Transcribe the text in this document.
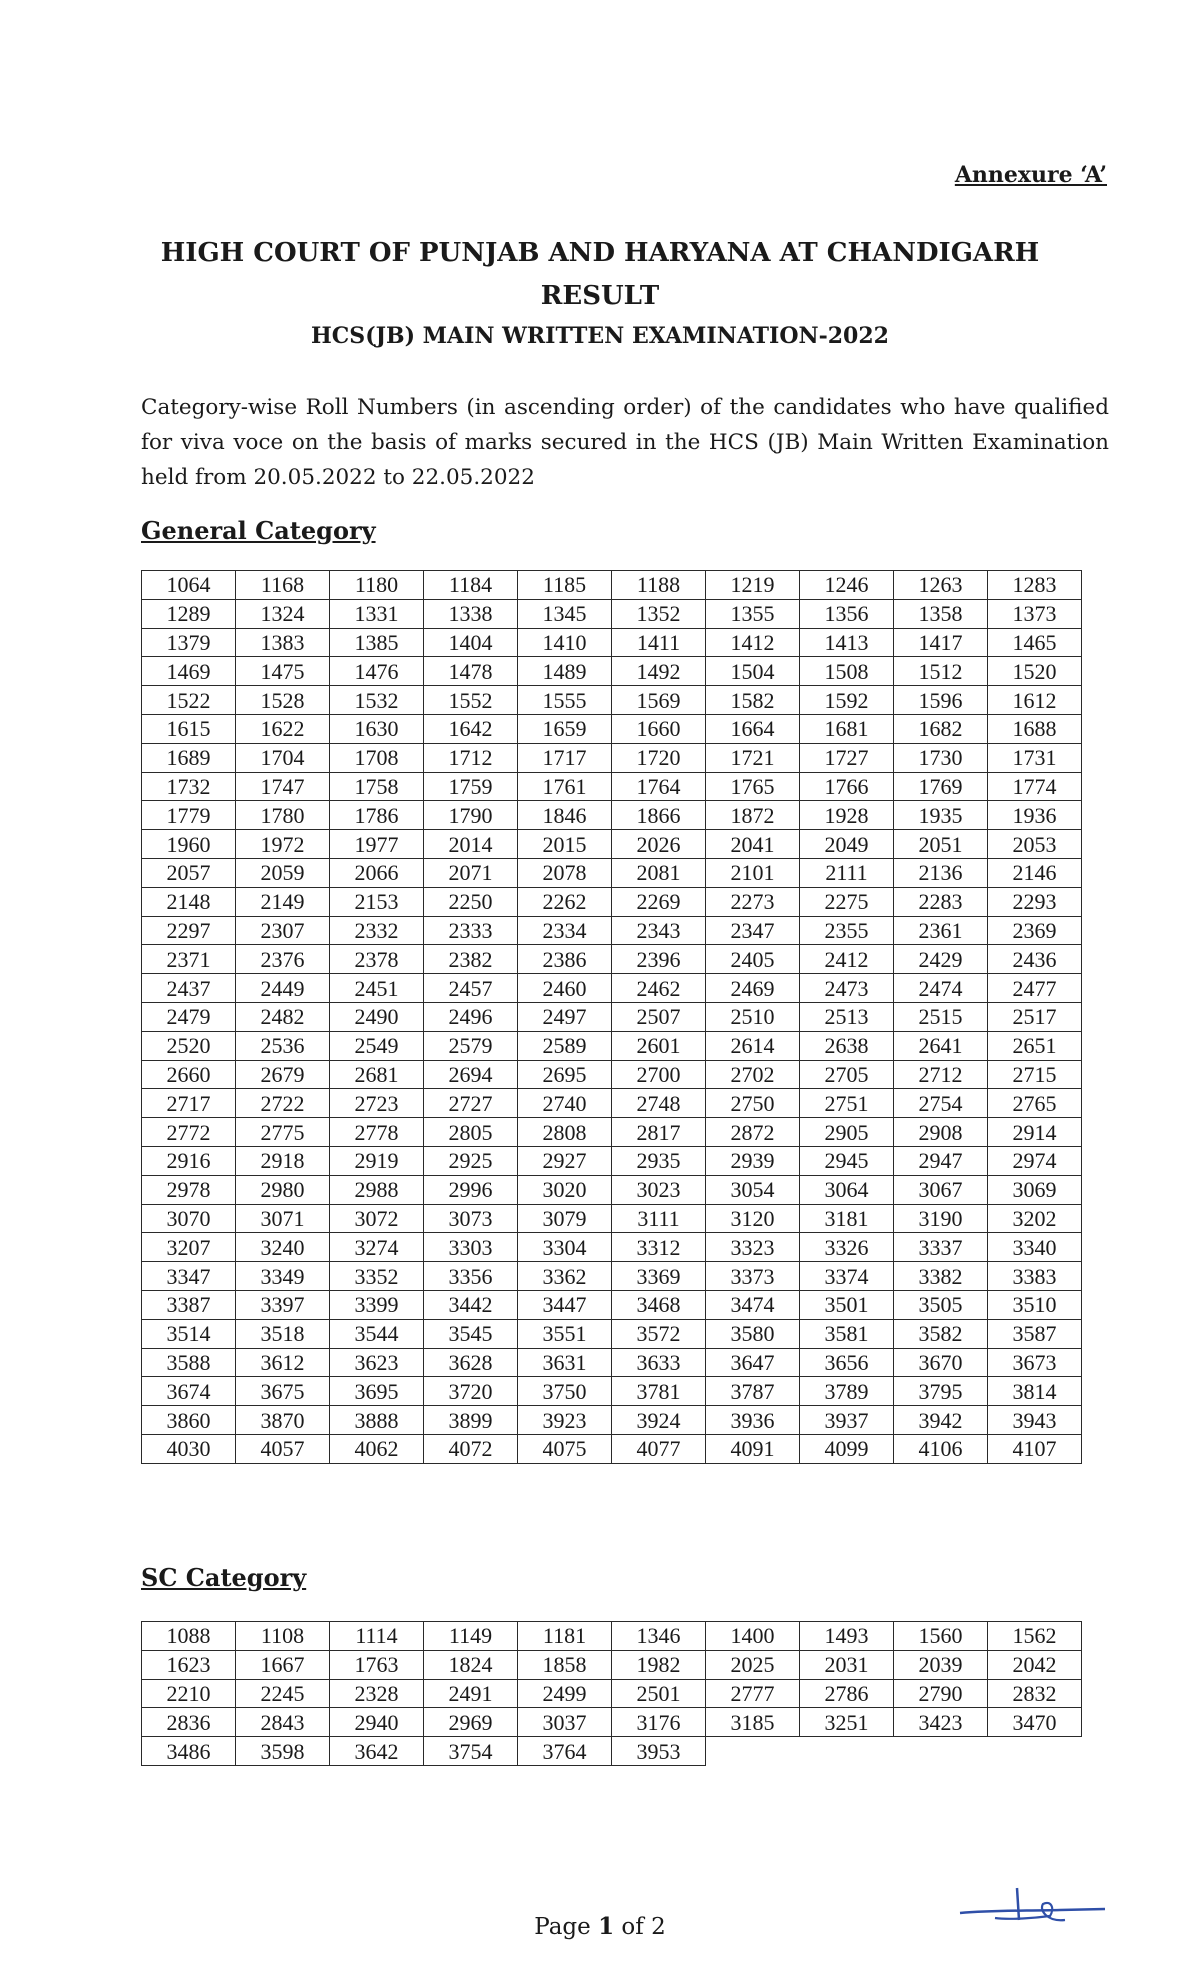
Annexure ‘A’
HIGH COURT OF PUNJAB AND HARYANA AT CHANDIGARH
RESULT
HCS(JB) MAIN WRITTEN EXAMINATION-2022
Category-wise Roll Numbers (in ascending order) of the candidates who have qualified for viva voce on the basis of marks secured in the HCS (JB) Main Written Examination held from 20.05.2022 to 22.05.2022
General Category
1064	1168	1180	1184	1185	1188	1219	1246	1263	1283
1289	1324	1331	1338	1345	1352	1355	1356	1358	1373
1379	1383	1385	1404	1410	1411	1412	1413	1417	1465
1469	1475	1476	1478	1489	1492	1504	1508	1512	1520
1522	1528	1532	1552	1555	1569	1582	1592	1596	1612
1615	1622	1630	1642	1659	1660	1664	1681	1682	1688
1689	1704	1708	1712	1717	1720	1721	1727	1730	1731
1732	1747	1758	1759	1761	1764	1765	1766	1769	1774
1779	1780	1786	1790	1846	1866	1872	1928	1935	1936
1960	1972	1977	2014	2015	2026	2041	2049	2051	2053
2057	2059	2066	2071	2078	2081	2101	2111	2136	2146
2148	2149	2153	2250	2262	2269	2273	2275	2283	2293
2297	2307	2332	2333	2334	2343	2347	2355	2361	2369
2371	2376	2378	2382	2386	2396	2405	2412	2429	2436
2437	2449	2451	2457	2460	2462	2469	2473	2474	2477
2479	2482	2490	2496	2497	2507	2510	2513	2515	2517
2520	2536	2549	2579	2589	2601	2614	2638	2641	2651
2660	2679	2681	2694	2695	2700	2702	2705	2712	2715
2717	2722	2723	2727	2740	2748	2750	2751	2754	2765
2772	2775	2778	2805	2808	2817	2872	2905	2908	2914
2916	2918	2919	2925	2927	2935	2939	2945	2947	2974
2978	2980	2988	2996	3020	3023	3054	3064	3067	3069
3070	3071	3072	3073	3079	3111	3120	3181	3190	3202
3207	3240	3274	3303	3304	3312	3323	3326	3337	3340
3347	3349	3352	3356	3362	3369	3373	3374	3382	3383
3387	3397	3399	3442	3447	3468	3474	3501	3505	3510
3514	3518	3544	3545	3551	3572	3580	3581	3582	3587
3588	3612	3623	3628	3631	3633	3647	3656	3670	3673
3674	3675	3695	3720	3750	3781	3787	3789	3795	3814
3860	3870	3888	3899	3923	3924	3936	3937	3942	3943
4030	4057	4062	4072	4075	4077	4091	4099	4106	4107
SC Category
1088	1108	1114	1149	1181	1346	1400	1493	1560	1562
1623	1667	1763	1824	1858	1982	2025	2031	2039	2042
2210	2245	2328	2491	2499	2501	2777	2786	2790	2832
2836	2843	2940	2969	3037	3176	3185	3251	3423	3470
3486	3598	3642	3754	3764	3953				
Page 1 of 2
